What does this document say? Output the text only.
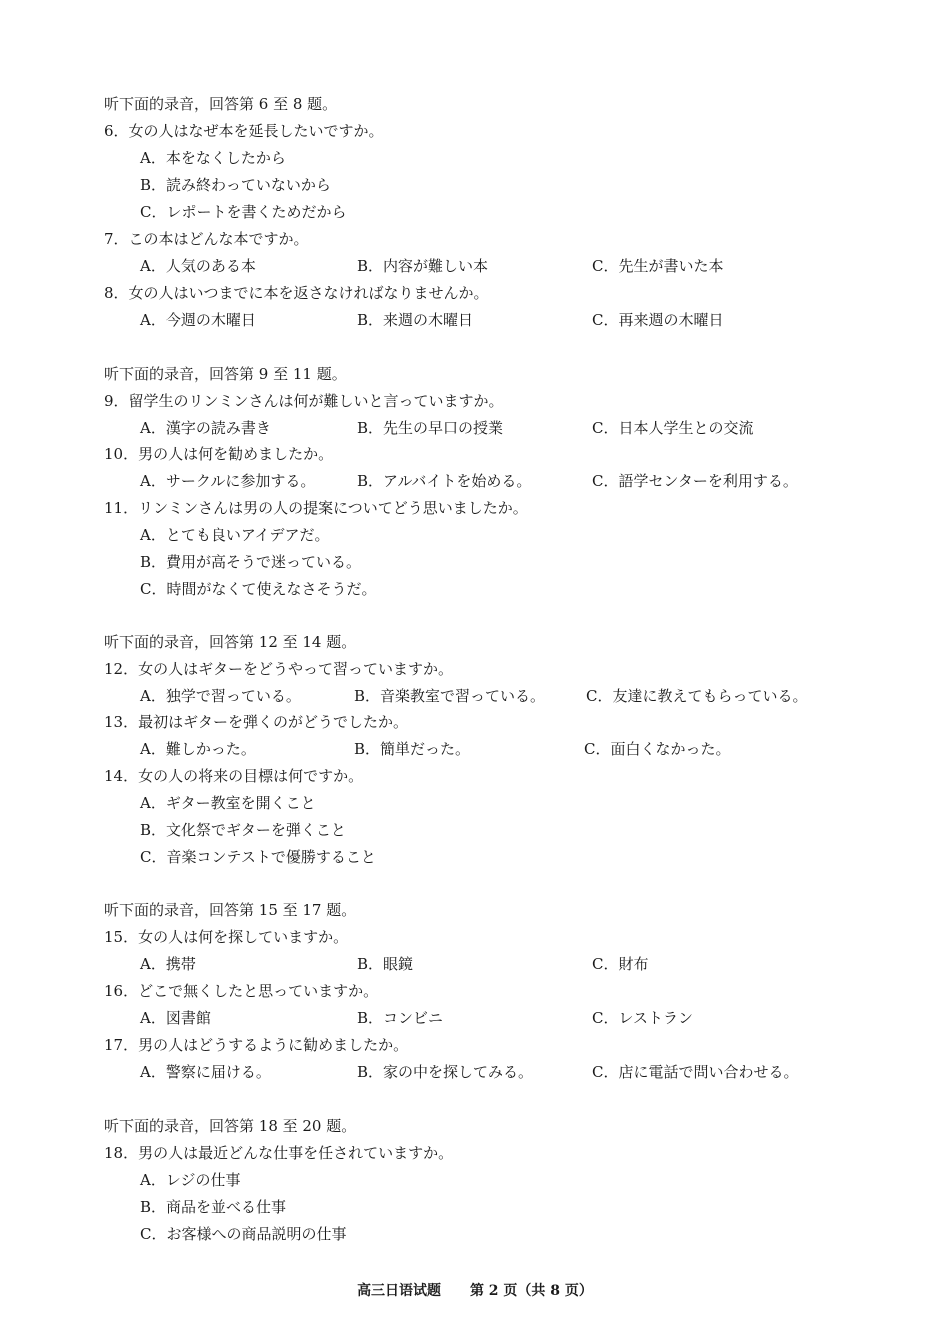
听下面的录音，回答第 6 至 8 题。
6．女の人はなぜ本を延長したいですか。
A．本をなくしたから
B．読み終わっていないから
C．レポートを書くためだから
7．この本はどんな本ですか。
A．人気のある本	B．内容が難しい本	C．先生が書いた本
8．女の人はいつまでに本を返さなければなりませんか。
A．今週の木曜日	B．来週の木曜日	C．再来週の木曜日
听下面的录音，回答第 9 至 11 题。
9．留学生のリンミンさんは何が難しいと言っていますか。
A．漢字の読み書き	B．先生の早口の授業	C．日本人学生との交流
10．男の人は何を勧めましたか。
A．サークルに参加する。	B．アルバイトを始める。	C．語学センターを利用する。
11．リンミンさんは男の人の提案についてどう思いましたか。
A．とても良いアイデアだ。
B．費用が高そうで迷っている。
C．時間がなくて使えなさそうだ。
听下面的录音，回答第 12 至 14 题。
12．女の人はギターをどうやって習っていますか。
A．独学で習っている。	B．音楽教室で習っている。	C．友達に教えてもらっている。
13．最初はギターを弾くのがどうでしたか。
A．難しかった。	B．簡単だった。	C．面白くなかった。
14．女の人の将来の目標は何ですか。
A．ギター教室を開くこと
B．文化祭でギターを弾くこと
C．音楽コンテストで優勝すること
听下面的录音，回答第 15 至 17 题。
15．女の人は何を探していますか。
A．携帯	B．眼鏡	C．財布
16．どこで無くしたと思っていますか。
A．図書館	B．コンビニ	C．レストラン
17．男の人はどうするように勧めましたか。
A．警察に届ける。	B．家の中を探してみる。	C．店に電話で問い合わせる。
听下面的录音，回答第 18 至 20 题。
18．男の人は最近どんな仕事を任されていますか。
A．レジの仕事
B．商品を並べる仕事
C．お客様への商品説明の仕事
高三日语试题 第 2 页（共 8 页）
